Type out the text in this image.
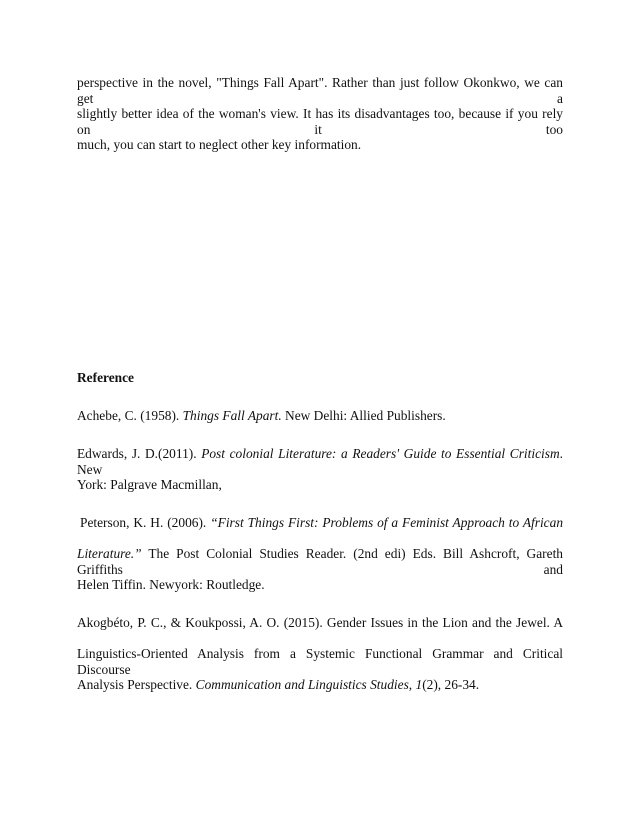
perspective in the novel, "Things Fall Apart". Rather than just follow Okonkwo, we can get a
slightly better idea of the woman's view. It has its disadvantages too, because if you rely on it too
much, you can start to neglect other key information.
Reference
Achebe, C. (1958). Things Fall Apart. New Delhi: Allied Publishers.
Edwards, J. D.(2011). Post colonial Literature: a Readers' Guide to Essential Criticism. New
York: Palgrave Macmillan,
Peterson, K. H. (2006). “First Things First: Problems of a Feminist Approach to African
Literature.” The Post Colonial Studies Reader. (2nd edi) Eds. Bill Ashcroft, Gareth Griffiths and
Helen Tiffin. Newyork: Routledge.
Akogbéto, P. C., & Koukpossi, A. O. (2015). Gender Issues in the Lion and the Jewel. A
Linguistics-Oriented Analysis from a Systemic Functional Grammar and Critical Discourse
Analysis Perspective. Communication and Linguistics Studies, 1(2), 26-34.
